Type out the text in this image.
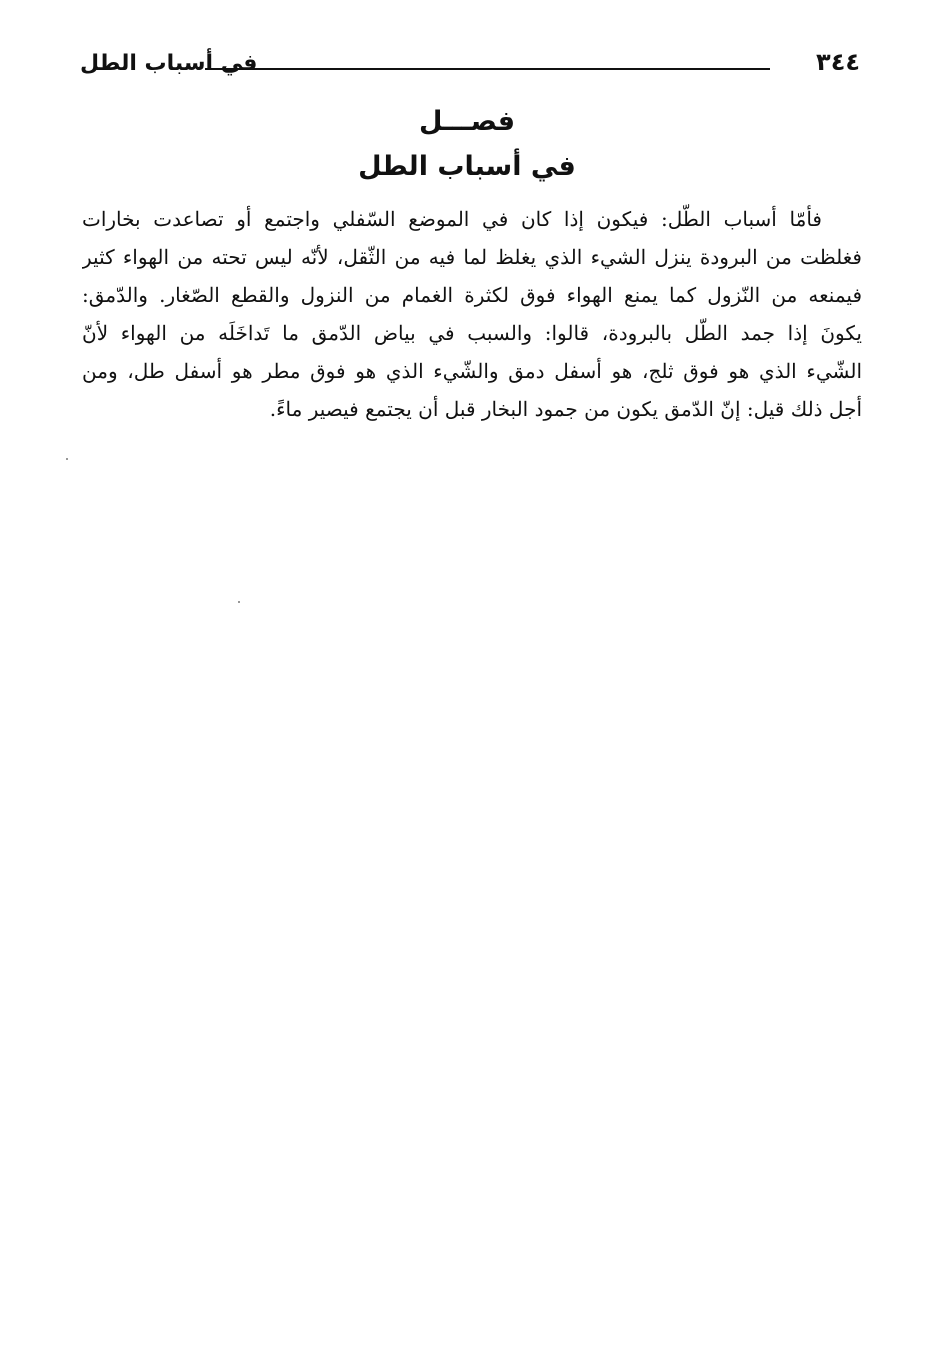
٣٤٤
في أسباب الطل
فصـــل
في أسباب الطل
فأمّا أسباب الطّل: فيكون إذا كان في الموضع السّفلي واجتمع أو تصاعدت بخارات
فغلظت من البرودة ينزل الشيء الذي يغلظ لما فيه من الثّقل، لأنّه ليس تحته من الهواء كثير
فيمنعه من النّزول كما يمنع الهواء فوق لكثرة الغمام من النزول والقطع الصّغار. والدّمق:
يكونَ إذا جمد الطّل بالبرودة، قالوا: والسبب في بياض الدّمق ما تَداخَلَه من الهواء لأنّ
الشّيء الذي هو فوق ثلج، هو أسفل دمق والشّيء الذي هو فوق مطر هو أسفل طل، ومن
أجل ذلك قيل: إنّ الدّمق يكون من جمود البخار قبل أن يجتمع فيصير ماءً.
